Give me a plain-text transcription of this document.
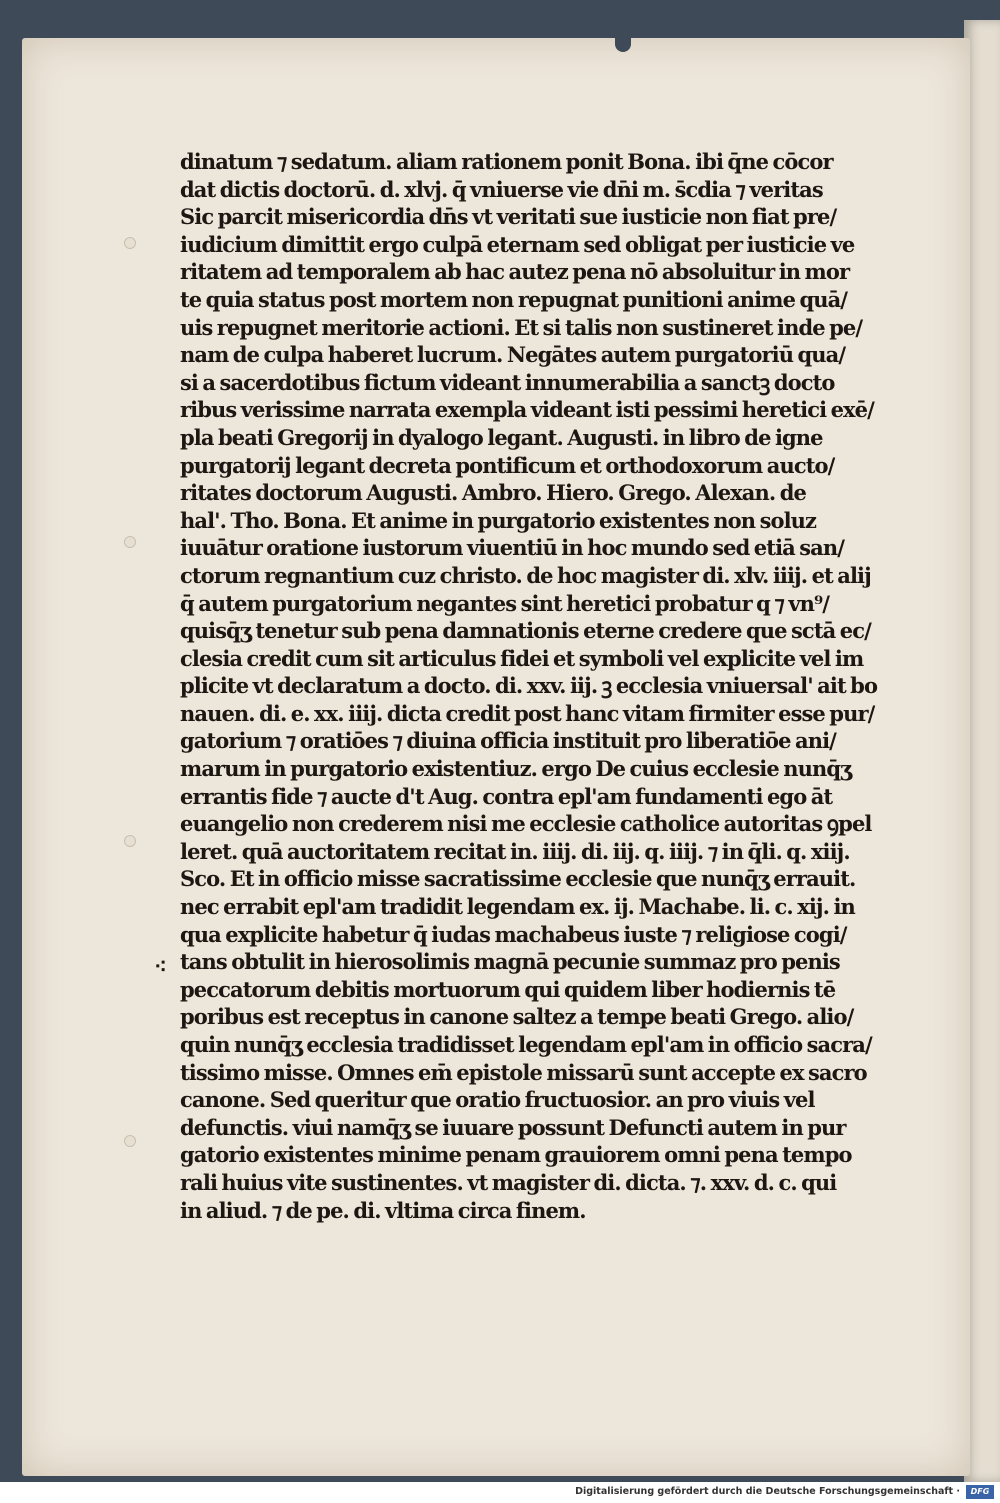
dinatum ⁊ sedatum. aliam rationem ponit Bona. ibi q̄ne cōcor
dat dictis doctorū. d. xlvj. q̄ vniuerse vie dn̄i m. s̄cdia ⁊ veritas
Sic parcit misericordia dn̄s vt veritati sue iusticie non fiat pre/
iudicium dimittit ergo culpā eternam sed obligat per iusticie ve
ritatem ad temporalem ab hac autez pena nō absoluitur in mor
te quia status post mortem non repugnat punitioni anime quā/
uis repugnet meritorie actioni. Et si talis non sustineret inde pe/
nam de culpa haberet lucrum. Negātes autem purgatoriū qua/
si a sacerdotibus fictum videant innumerabilia a sanctꝫ docto
ribus verissime narrata exempla videant isti pessimi heretici exē/
pla beati Gregorij in dyalogo legant. Augusti. in libro de igne
purgatorij legant decreta pontificum et orthodoxorum aucto/
ritates doctorum Augusti. Ambro. Hiero. Grego. Alexan. de
hal'. Tho. Bona. Et anime in purgatorio existentes non soluz
iuuātur oratione iustorum viuentiū in hoc mundo sed etiā san/
ctorum regnantium cuz christo. de hoc magister di. xlv. iiij. et alij
q̄ autem purgatorium negantes sint heretici probatur q ⁊ vn⁹/
quisq̄ʒ tenetur sub pena damnationis eterne credere que sctā ec/
clesia credit cum sit articulus fidei et symboli vel explicite vel im
plicite vt declaratum a docto. di. xxv. iij. ꝫ ecclesia vniuersal' ait bo
nauen. di. e. xx. iiij. dicta credit post hanc vitam firmiter esse pur/
gatorium ⁊ oratiōes ⁊ diuina officia instituit pro liberatiōe ani/
marum in purgatorio existentiuz. ergo De cuius ecclesie nunq̄ʒ
errantis fide ⁊ aucte d't Aug. contra epl'am fundamenti ego āt
euangelio non crederem nisi me ecclesie catholice autoritas ꝯpel
leret. quā auctoritatem recitat in. iiij. di. iij. q. iiij. ⁊ in q̄li. q. xiij.
Sco. Et in officio misse sacratissime ecclesie que nunq̄ʒ errauit.
nec errabit epl'am tradidit legendam ex. ij. Machabe. li. c. xij. in
qua explicite habetur q̄ iudas machabeus iuste ⁊ religiose cogi/
tans obtulit in hierosolimis magnā pecunie summaz pro penis
peccatorum debitis mortuorum qui quidem liber hodiernis tē
poribus est receptus in canone saltez a tempe beati Grego. alio/
quin nunq̄ʒ ecclesia tradidisset legendam epl'am in officio sacra/
tissimo misse. Omnes em̄ epistole missarū sunt accepte ex sacro
canone. Sed queritur que oratio fructuosior. an pro viuis vel
defunctis. viui namq̄ʒ se iuuare possunt Defuncti autem in pur
gatorio existentes minime penam grauiorem omni pena tempo
rali huius vite sustinentes. vt magister di. dicta. ⁊. xxv. d. c. qui
in aliud. ⁊ de pe. di. vltima circa finem.
⁖
Digitalisierung gefördert durch die Deutsche Forschungsgemeinschaft ·	DFG
